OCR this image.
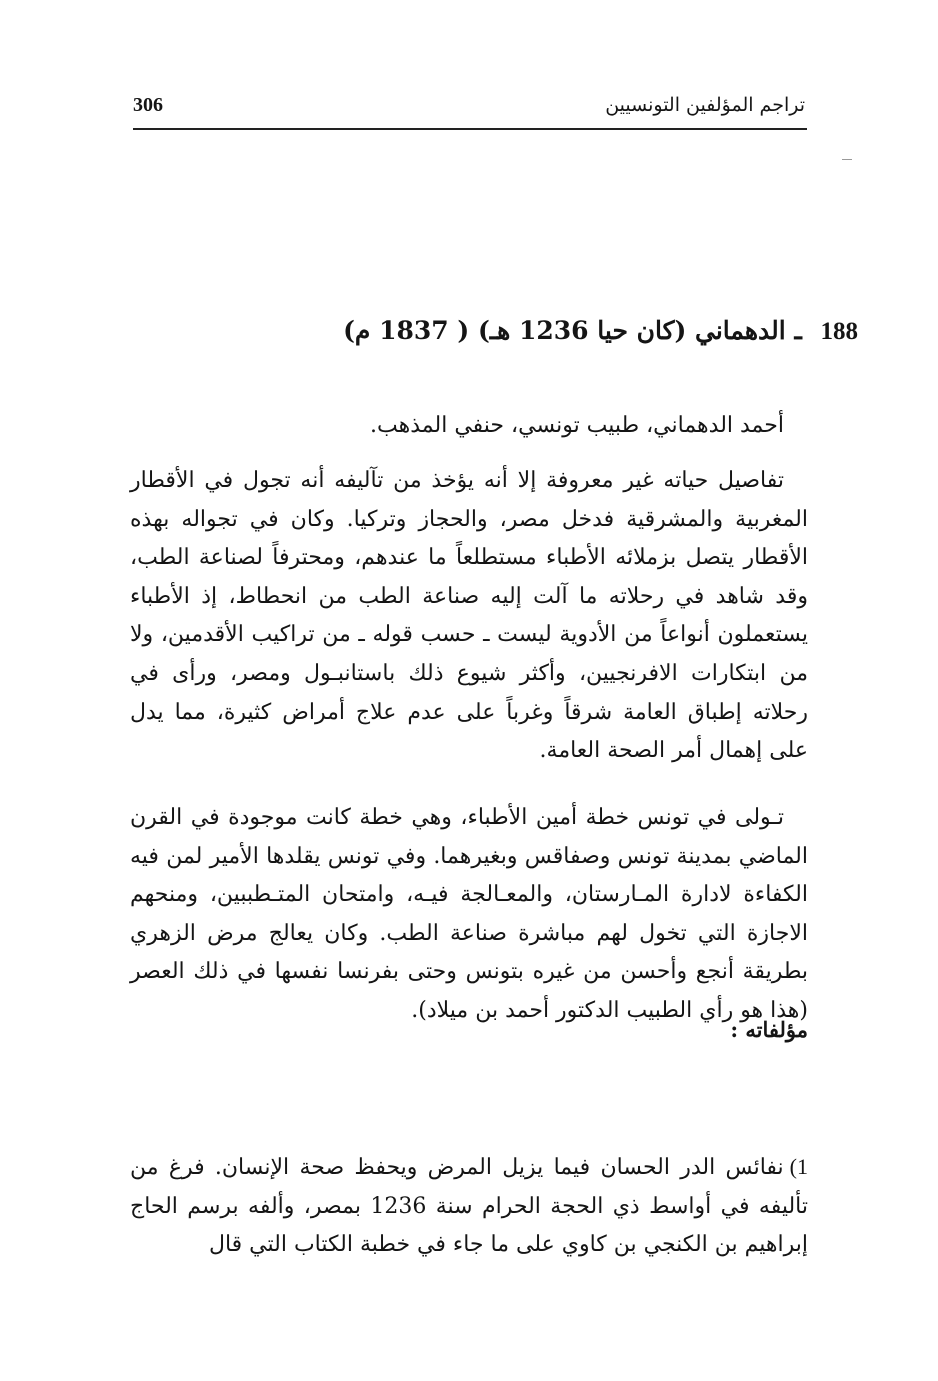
306	تراجم المؤلفين التونسيين
188 ـ الدهماني (كان حيا 1236 هـ) ( 1837 م)
أحمد الدهماني، طبيب تونسي، حنفي المذهب.

تفاصيل حياته غير معروفة إلا أنه يؤخذ من تآليفه أنه تجول في الأقطار المغربية والمشرقية فدخل مصر، والحجاز وتركيا. وكان في تجواله بهذه الأقطار يتصل بزملائه الأطباء مستطلعاً ما عندهم، ومحترفاً لصناعة الطب، وقد شاهد في رحلاته ما آلت إليه صناعة الطب من انحطاط، إذ الأطباء يستعملون أنواعاً من الأدوية ليست ـ حسب قوله ـ من تراكيب الأقدمين، ولا من ابتكارات الافرنجيين، وأكثر شيوع ذلك باستانبـول ومصر، ورأى في رحلاته إطباق العامة شرقاً وغرباً على عدم علاج أمراض كثيرة، مما يدل على إهمال أمر الصحة العامة.

تـولى في تونس خطة أمين الأطباء، وهي خطة كانت موجودة في القرن الماضي بمدينة تونس وصفاقس وبغيرهما. وفي تونس يقلدها الأمير لمن فيه الكفاءة لادارة المـارستان، والمعـالجة فيـه، وامتحان المتـطببين، ومنحهم الاجازة التي تخول لهم مباشرة صناعة الطب. وكان يعالج مرض الزهري بطريقة أنجع وأحسن من غيره بتونس وحتى بفرنسا نفسها في ذلك العصر (هذا هو رأي الطبيب الدكتور أحمد بن ميلاد).

مؤلفاته :
1)نفائس الدر الحسان فيما يزيل المرض ويحفظ صحة الإنسان. فرغ من تأليفه في أواسط ذي الحجة الحرام سنة 1236 بمصر، وألفه برسم الحاج إبراهيم بن الكنجي بن كاوي على ما جاء في خطبة الكتاب التي قال
